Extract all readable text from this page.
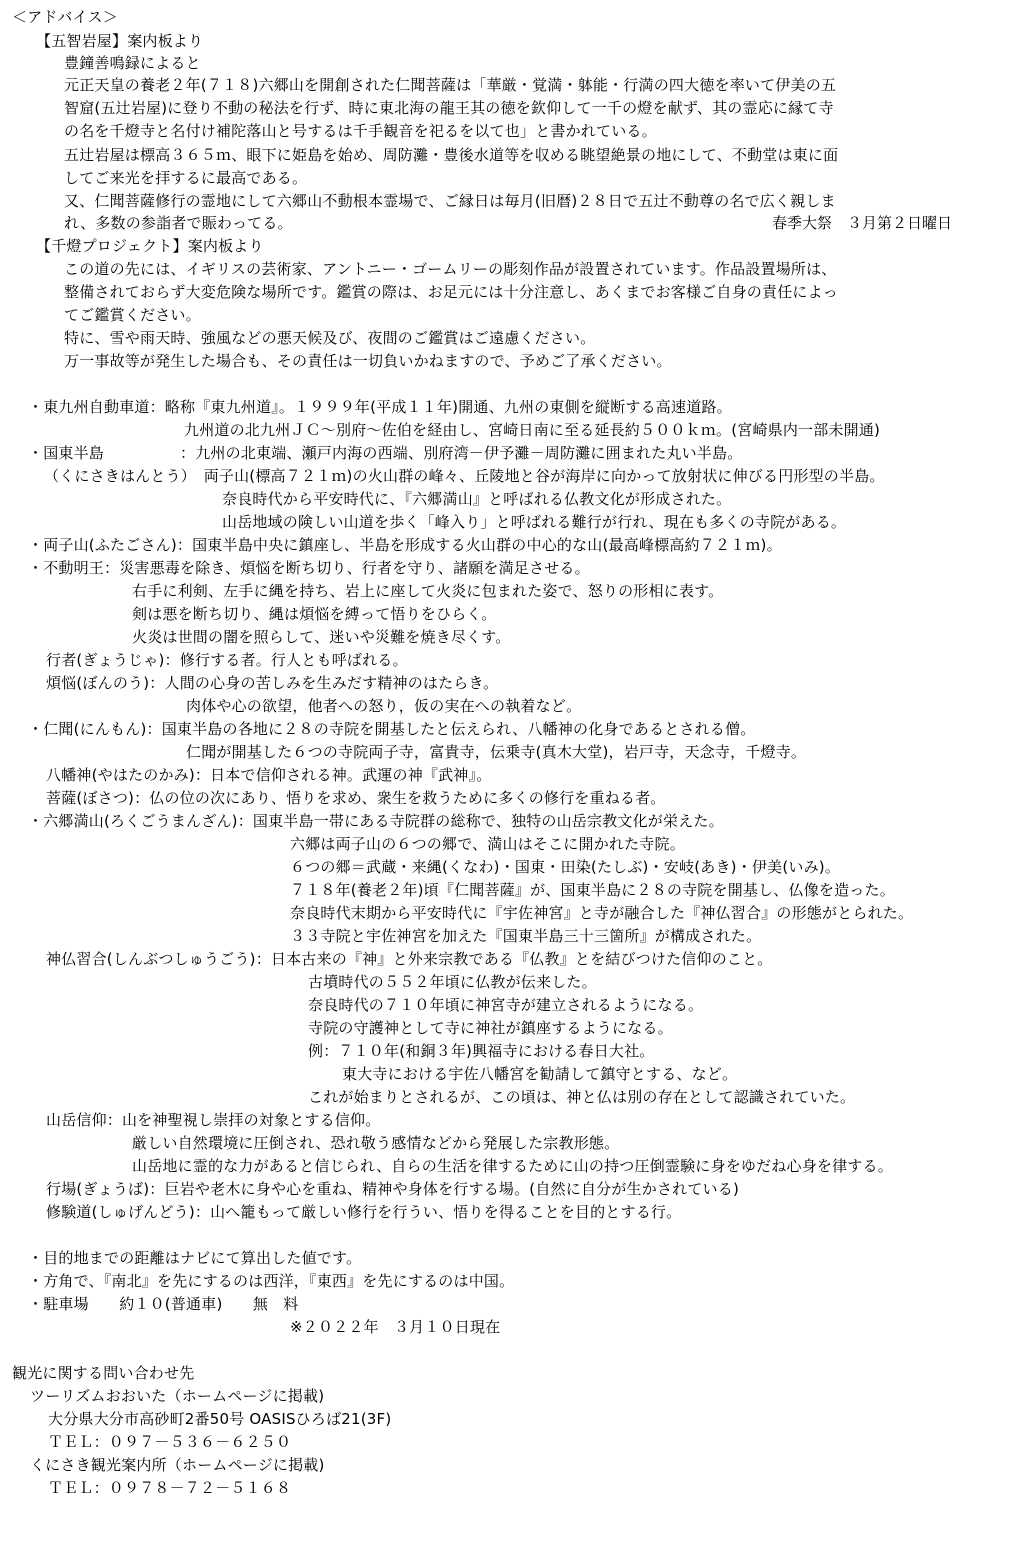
＜アドバイス＞
【五智岩屋】案内板より
豊鐘善鳴録によると
元正天皇の養老２年(７１８)六郷山を開創された仁聞菩薩は「華厳・覚満・躰能・行満の四大徳を率いて伊美の五
智窟(五辻岩屋)に登り不動の秘法を行ず、時に東北海の龍王其の徳を欽仰して一千の燈を献ず、其の霊応に縁て寺
の名を千燈寺と名付け補陀落山と号するは千手観音を祀るを以て也」と書かれている。
五辻岩屋は標高３６５ｍ、眼下に姫島を始め、周防灘・豊後水道等を収める眺望絶景の地にして、不動堂は東に面
してご来光を拝するに最高である。
又、仁聞菩薩修行の霊地にして六郷山不動根本霊場で、ご縁日は毎月(旧暦)２８日で五辻不動尊の名で広く親しま
れ、多数の参詣者で賑わってる。	春季大祭　３月第２日曜日
【千燈プロジェクト】案内板より
この道の先には、イギリスの芸術家、アントニー・ゴームリーの彫刻作品が設置されています。作品設置場所は、
整備されておらず大変危険な場所です。鑑賞の際は、お足元には十分注意し、あくまでお客様ご自身の責任によっ
てご鑑賞ください。
特に、雪や雨天時、強風などの悪天候及び、夜間のご鑑賞はご遠慮ください。
万一事故等が発生した場合も、その責任は一切負いかねますので、予めご了承ください。
・東九州自動車道：略称『東九州道』。１９９９年(平成１１年)開通、九州の東側を縦断する高速道路。
九州道の北九州ＪＣ～別府～佐伯を経由し、宮崎日南に至る延長約５００ｋｍ。(宮崎県内一部未開通)
・国東半島　　　　　：九州の北東端、瀬戸内海の西端、別府湾－伊予灘－周防灘に囲まれた丸い半島。
（くにさきはんとう）　両子山(標高７２１ｍ)の火山群の峰々、丘陵地と谷が海岸に向かって放射状に伸びる円形型の半島。
奈良時代から平安時代に、『六郷満山』と呼ばれる仏教文化が形成された。
山岳地域の険しい山道を歩く「峰入り」と呼ばれる難行が行れ、現在も多くの寺院がある。
・両子山(ふたごさん)：国東半島中央に鎮座し、半島を形成する火山群の中心的な山(最高峰標高約７２１ｍ)。
・不動明王：災害悪毒を除き、煩悩を断ち切り、行者を守り、諸願を満足させる。
右手に利剣、左手に縄を持ち、岩上に座して火炎に包まれた姿で、怒りの形相に表す。
剣は悪を断ち切り、縄は煩悩を縛って悟りをひらく。
火炎は世間の闇を照らして、迷いや災難を焼き尽くす。
行者(ぎょうじゃ)：修行する者。行人とも呼ばれる。
煩悩(ぼんのう)：人間の心身の苦しみを生みだす精神のはたらき。
肉体や心の欲望，他者への怒り，仮の実在への執着など。
・仁聞(にんもん)：国東半島の各地に２８の寺院を開基したと伝えられ、八幡神の化身であるとされる僧。
仁聞が開基した６つの寺院両子寺，富貴寺，伝乗寺(真木大堂)，岩戸寺，天念寺，千燈寺。
八幡神(やはたのかみ)：日本で信仰される神。武運の神『武神』。
菩薩(ぼさつ)：仏の位の次にあり、悟りを求め、衆生を救うために多くの修行を重ねる者。
・六郷満山(ろくごうまんざん)：国東半島一帯にある寺院群の総称で、独特の山岳宗教文化が栄えた。
六郷は両子山の６つの郷で、満山はそこに開かれた寺院。
６つの郷＝武蔵・来縄(くなわ)・国東・田染(たしぶ)・安岐(あき)・伊美(いみ)。
７１８年(養老２年)頃『仁聞菩薩』が、国東半島に２８の寺院を開基し、仏像を造った。
奈良時代末期から平安時代に『宇佐神宮』と寺が融合した『神仏習合』の形態がとられた。
３３寺院と宇佐神宮を加えた『国東半島三十三箇所』が構成された。
神仏習合(しんぶつしゅうごう)：日本古来の『神』と外来宗教である『仏教』とを結びつけた信仰のこと。
古墳時代の５５２年頃に仏教が伝来した。
奈良時代の７１０年頃に神宮寺が建立されるようになる。
寺院の守護神として寺に神社が鎮座するようになる。
例：７１０年(和銅３年)興福寺における春日大社。
東大寺における宇佐八幡宮を勧請して鎮守とする、など。
これが始まりとされるが、この頃は、神と仏は別の存在として認識されていた。
山岳信仰：山を神聖視し崇拝の対象とする信仰。
厳しい自然環境に圧倒され、恐れ敬う感情などから発展した宗教形態。
山岳地に霊的な力があると信じられ、自らの生活を律するために山の持つ圧倒霊験に身をゆだね心身を律する。
行場(ぎょうば)：巨岩や老木に身や心を重ね、精神や身体を行する場。(自然に自分が生かされている)
修験道(しゅげんどう)：山へ籠もって厳しい修行を行うい、悟りを得ることを目的とする行。
・目的地までの距離はナビにて算出した値です。
・方角で、『南北』を先にするのは西洋，『東西』を先にするのは中国。
・駐車場　　約１０(普通車)　　無　料
※２０２２年　３月１０日現在
観光に関する問い合わせ先
ツーリズムおおいた（ホームページに掲載)
大分県大分市高砂町2番50号 OASISひろば21(3F)
ＴＥＬ：０９７－５３６－６２５０
くにさき観光案内所（ホームページに掲載)
ＴＥＬ：０９７８－７２－５１６８
